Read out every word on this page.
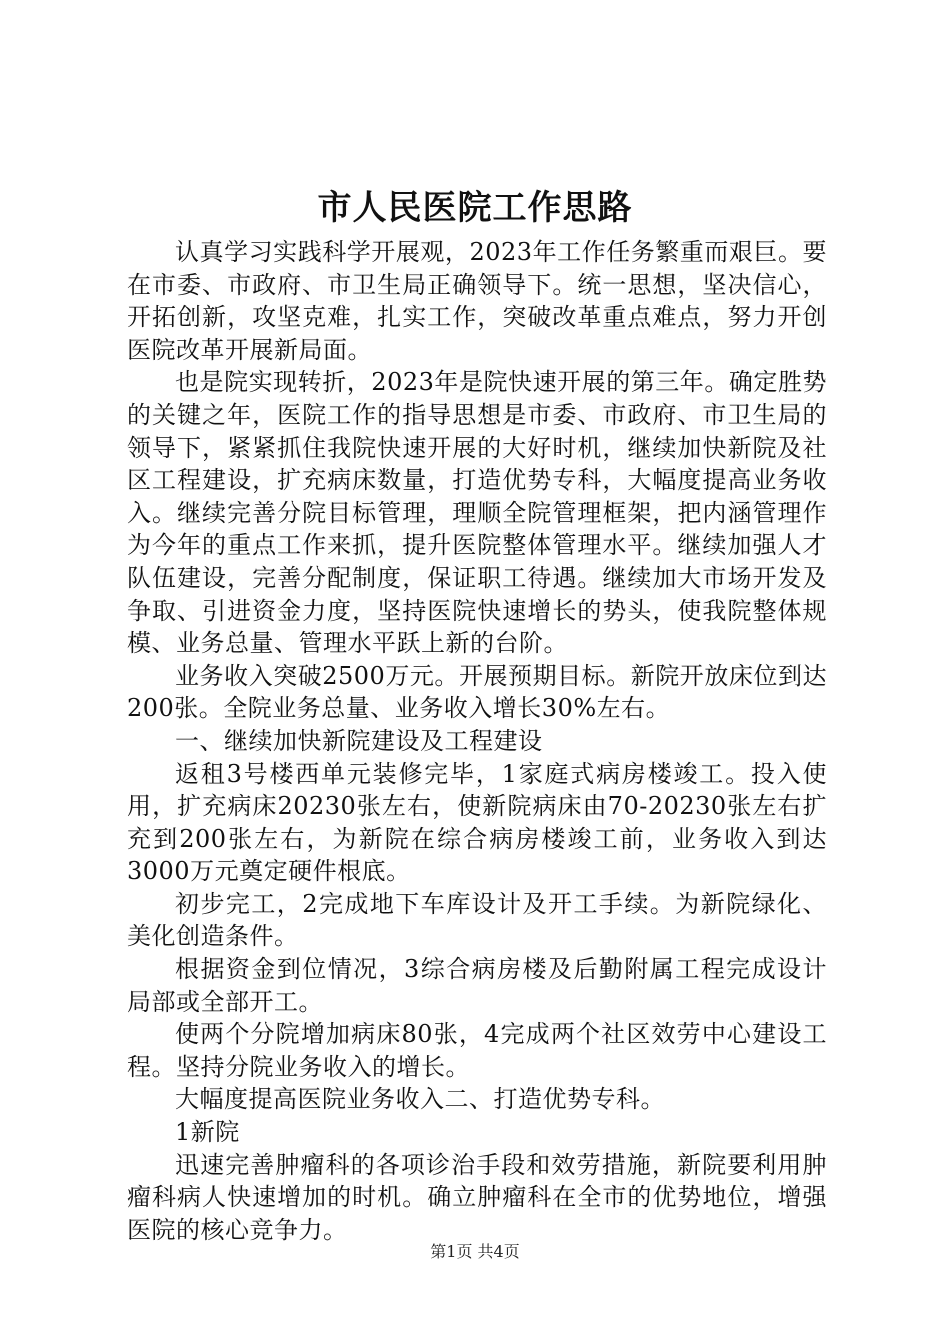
市人民医院工作思路

认真学习实践科学开展观，2023年工作任务繁重而艰巨。要在市委、市政府、市卫生局正确领导下。统一思想，坚决信心，开拓创新，攻坚克难，扎实工作，突破改革重点难点，努力开创医院改革开展新局面。

也是院实现转折，2023年是院快速开展的第三年。确定胜势的关键之年，医院工作的指导思想是市委、市政府、市卫生局的领导下，紧紧抓住我院快速开展的大好时机，继续加快新院及社区工程建设，扩充病床数量，打造优势专科，大幅度提高业务收入。继续完善分院目标管理，理顺全院管理框架，把内涵管理作为今年的重点工作来抓，提升医院整体管理水平。继续加强人才队伍建设，完善分配制度，保证职工待遇。继续加大市场开发及争取、引进资金力度，坚持医院快速增长的势头，使我院整体规模、业务总量、管理水平跃上新的台阶。

业务收入突破2500万元。开展预期目标。新院开放床位到达200张。全院业务总量、业务收入增长30%左右。

一、继续加快新院建设及工程建设

返租3号楼西单元装修完毕，1家庭式病房楼竣工。投入使用，扩充病床20230张左右，使新院病床由70-20230张左右扩充到200张左右，为新院在综合病房楼竣工前，业务收入到达3000万元奠定硬件根底。

初步完工，2完成地下车库设计及开工手续。为新院绿化、美化创造条件。

根据资金到位情况，3综合病房楼及后勤附属工程完成设计局部或全部开工。

使两个分院增加病床80张，4完成两个社区效劳中心建设工程。坚持分院业务收入的增长。

大幅度提高医院业务收入二、打造优势专科。

1新院

迅速完善肿瘤科的各项诊治手段和效劳措施，新院要利用肿瘤科病人快速增加的时机。确立肿瘤科在全市的优势地位，增强医院的核心竞争力。

第1页 共4页
